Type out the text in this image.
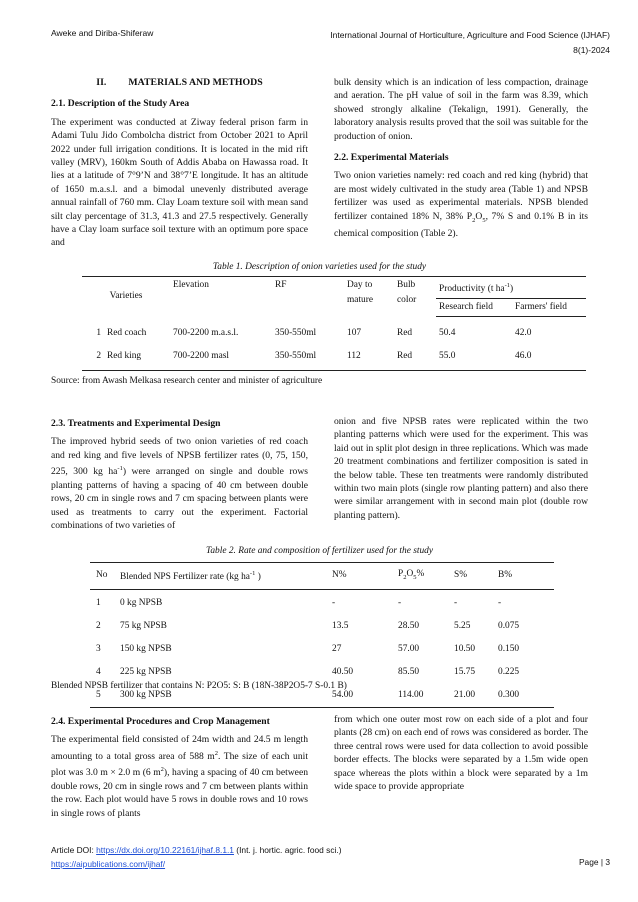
Aweke and Diriba-Shiferaw	International Journal of Horticulture, Agriculture and Food Science (IJHAF)
8(1)-2024
II. MATERIALS AND METHODS
2.1. Description of the Study Area

The experiment was conducted at Ziway federal prison farm in Adami Tulu Jido Combolcha district from October 2021 to April 2022 under full irrigation conditions. It is located in the mid rift valley (MRV), 160km South of Addis Ababa on Hawassa road. It lies at a latitude of 7°9’N and 38°7’E longitude. It has an altitude of 1650 m.a.s.l. and a bimodal unevenly distributed average annual rainfall of 760 mm. Clay Loam texture soil with mean sand silt clay percentage of 31.3, 41.3 and 27.5 respectively. Generally have a Clay loam surface soil texture with an optimum pore space and

bulk density which is an indication of less compaction, drainage and aeration. The pH value of soil in the farm was 8.39, which showed strongly alkaline (Tekalign, 1991). Generally, the laboratory analysis results proved that the soil was suitable for the production of onion.

2.2. Experimental Materials

Two onion varieties namely: red coach and red king (hybrid) that are most widely cultivated in the study area (Table 1) and NPSB fertilizer was used as experimental materials. NPSB blended fertilizer contained 18% N, 38% $P_2O_5$, 7% S and 0.1% B in its chemical composition (Table 2).

Table 1. Description of onion varieties used for the study
Varieties		Elevation	RF	Day to mature	Bulb color	Productivity (t $ha^{-1}$)	
						Research field	Farmers' field
1	Red coach	700-2200 m.a.s.l.	350-550ml	107	Red	50.4	42.0
2	Red king	700-2200 masl	350-550ml	112	Red	55.0	46.0
Source: from Awash Melkasa research center and minister of agriculture
2.3. Treatments and Experimental Design

The improved hybrid seeds of two onion varieties of red coach and red king and five levels of NPSB fertilizer rates (0, 75, 150, 225, 300 kg $ha^{-1}$) were arranged on single and double rows planting patterns of having a spacing of 40 cm between double rows, 20 cm in single rows and 7 cm spacing between plants were used as treatments to carry out the experiment. Factorial combinations of two varieties of

onion and five NPSB rates were replicated within the two planting patterns which were used for the experiment. This was laid out in split plot design in three replications. Which was made 20 treatment combinations and fertilizer composition is sated in the below table. These ten treatments were randomly distributed within two main plots (single row planting pattern) and also there were similar arrangement with in second main plot (double row planting pattern).

Table 2. Rate and composition of fertilizer used for the study
No	Blended NPS Fertilizer rate (kg $ha^{-1}$ )	N%	$P_2O_5\%$	S%	B%
1	0 kg NPSB	-	-	-	-
2	75 kg NPSB	13.5	28.50	5.25	0.075
3	150 kg NPSB	27	57.00	10.50	0.150
4	225 kg NPSB	40.50	85.50	15.75	0.225
5	300 kg NPSB	54.00	114.00	21.00	0.300
Blended NPSB fertilizer that contains N: P2O5: S: B (18N-38P2O5-7 S-0.1 B)
2.4. Experimental Procedures and Crop Management

The experimental field consisted of 24m width and 24.5 m length amounting to a total gross area of 588 $m^2$. The size of each unit plot was 3.0 m × 2.0 m (6 $m^2$), having a spacing of 40 cm between double rows, 20 cm in single rows and 7 cm between plants within the row. Each plot would have 5 rows in double rows and 10 rows in single rows of plants

from which one outer most row on each side of a plot and four plants (28 cm) on each end of rows was considered as border. The three central rows were used for data collection to avoid possible border effects. The blocks were separated by a 1.5m wide open space whereas the plots within a block were separated by a 1m wide space to provide appropriate

Article DOI: https://dx.doi.org/10.22161/ijhaf.8.1.1 (Int. j. hortic. agric. food sci.)
https://aipublications.com/ijhaf/	Page | 3
